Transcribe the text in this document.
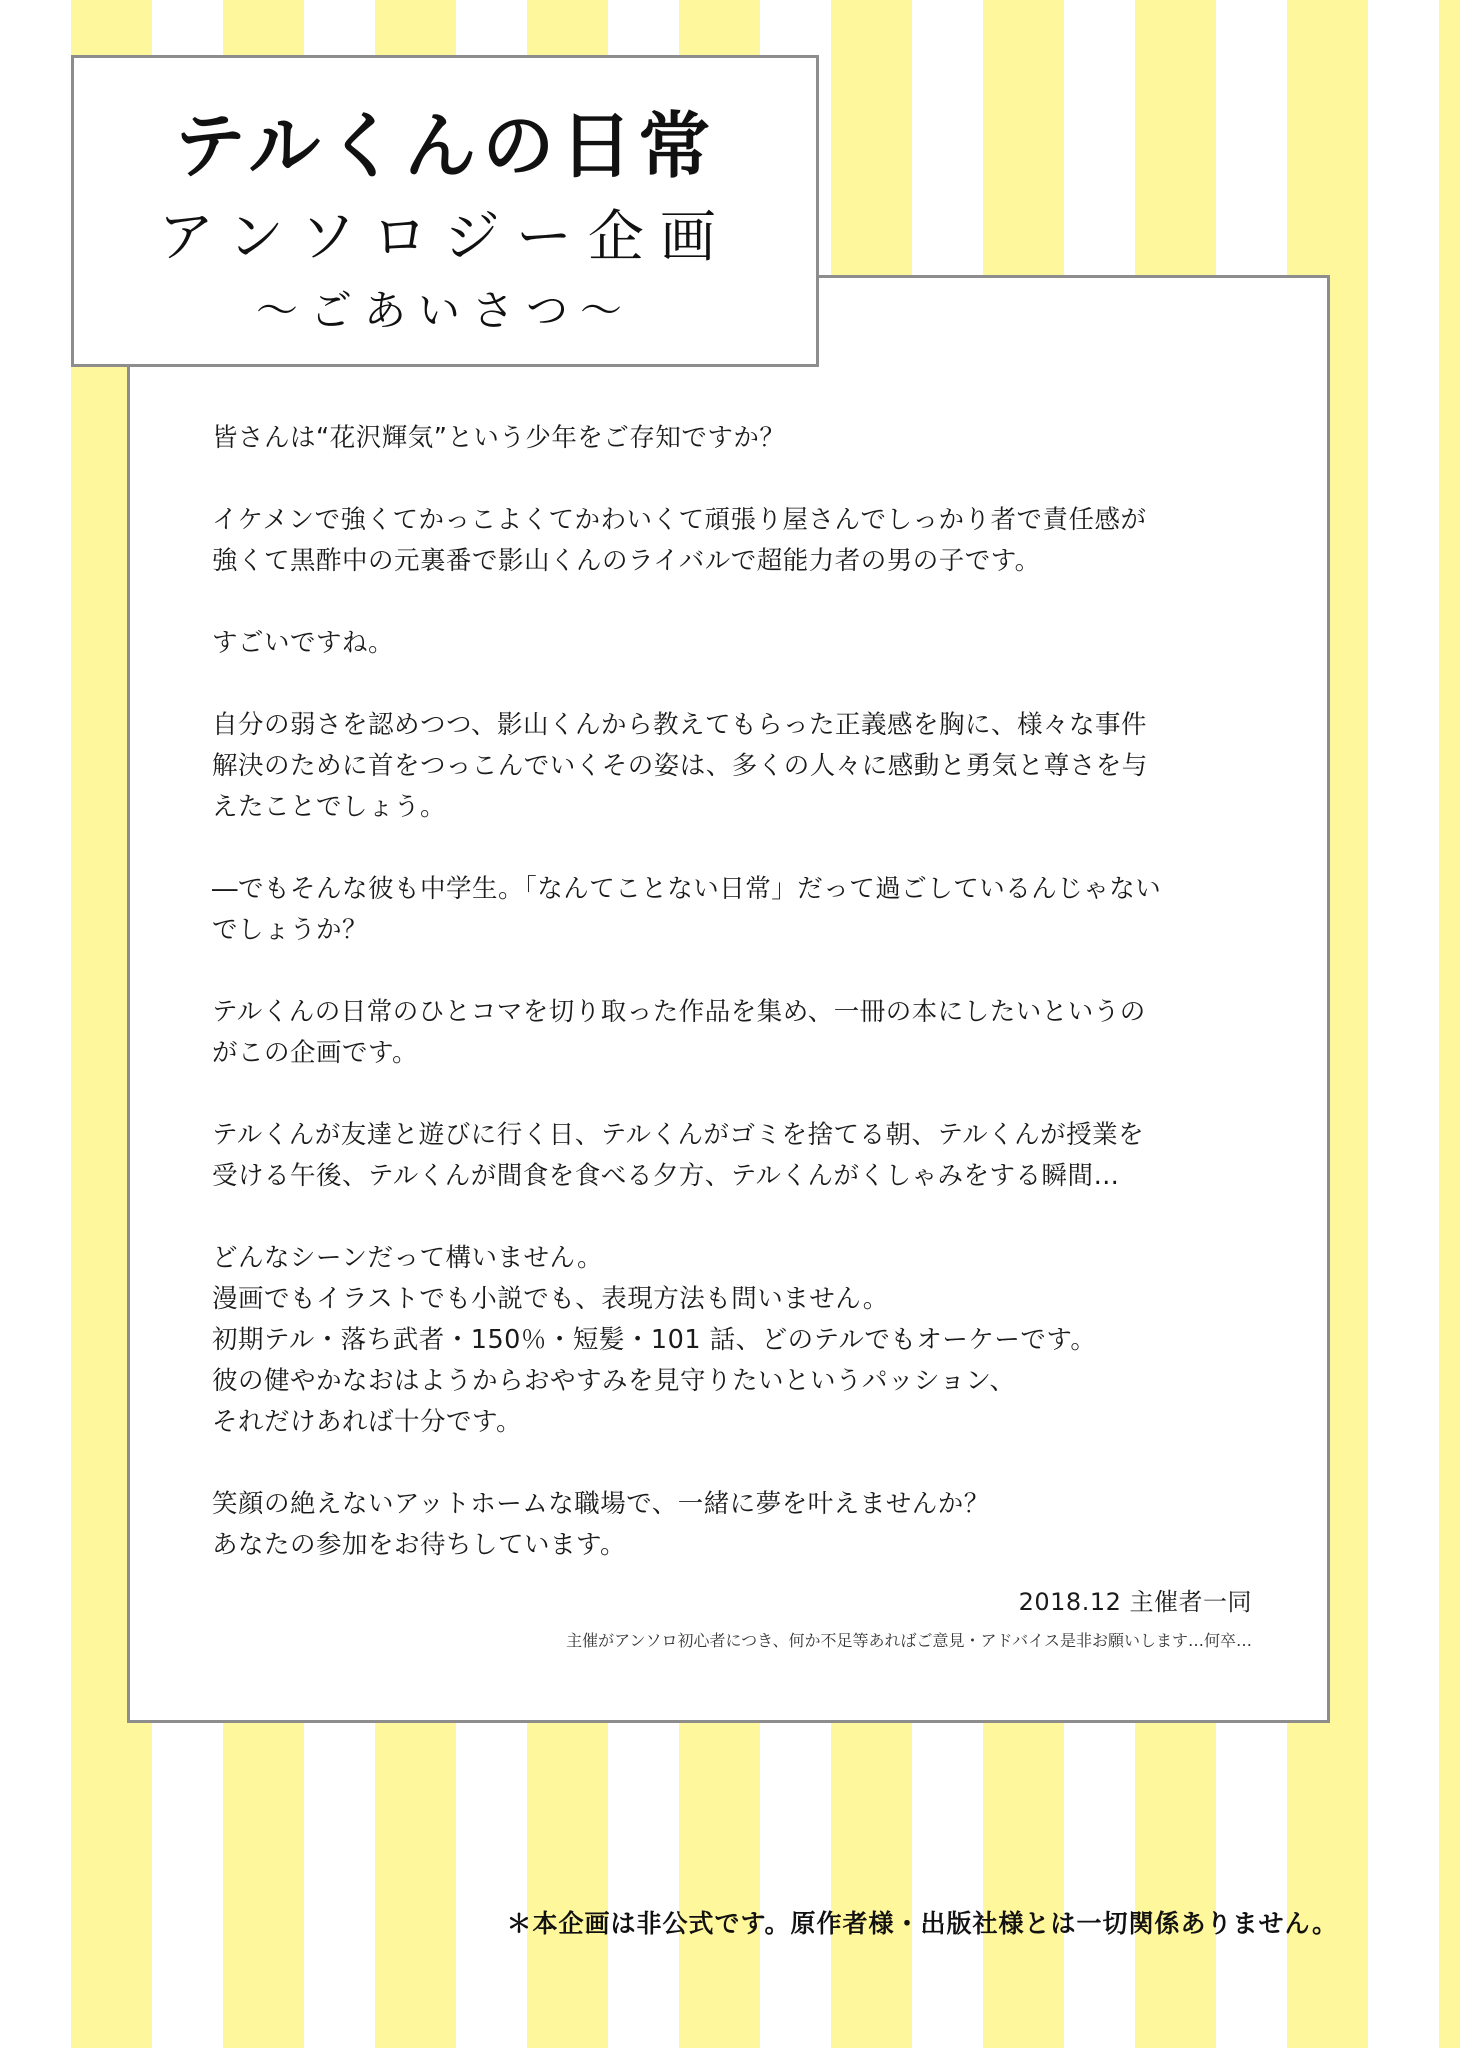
テルくんの日常
アンソロジー企画
〜ごあいさつ〜

皆さんは“花沢輝気”という少年をご存知ですか？

イケメンで強くてかっこよくてかわいくて頑張り屋さんでしっかり者で責任感が
強くて黒酢中の元裏番で影山くんのライバルで超能力者の男の子です。

すごいですね。

自分の弱さを認めつつ、影山くんから教えてもらった正義感を胸に、様々な事件
解決のために首をつっこんでいくその姿は、多くの人々に感動と勇気と尊さを与
えたことでしょう。

―でもそんな彼も中学生。「なんてことない日常」だって過ごしているんじゃない
でしょうか？

テルくんの日常のひとコマを切り取った作品を集め、一冊の本にしたいというの
がこの企画です。

テルくんが友達と遊びに行く日、テルくんがゴミを捨てる朝、テルくんが授業を
受ける午後、テルくんが間食を食べる夕方、テルくんがくしゃみをする瞬間…

どんなシーンだって構いません。
漫画でもイラストでも小説でも、表現方法も問いません。
初期テル・落ち武者・150％・短髪・101 話、どのテルでもオーケーです。
彼の健やかなおはようからおやすみを見守りたいというパッション、
それだけあれば十分です。

笑顔の絶えないアットホームな職場で、一緒に夢を叶えませんか？
あなたの参加をお待ちしています。

2018.12 主催者一同
主催がアンソロ初心者につき、何か不足等あればご意見・アドバイス是非お願いします…何卒…
＊本企画は非公式です。原作者様・出版社様とは一切関係ありません。
